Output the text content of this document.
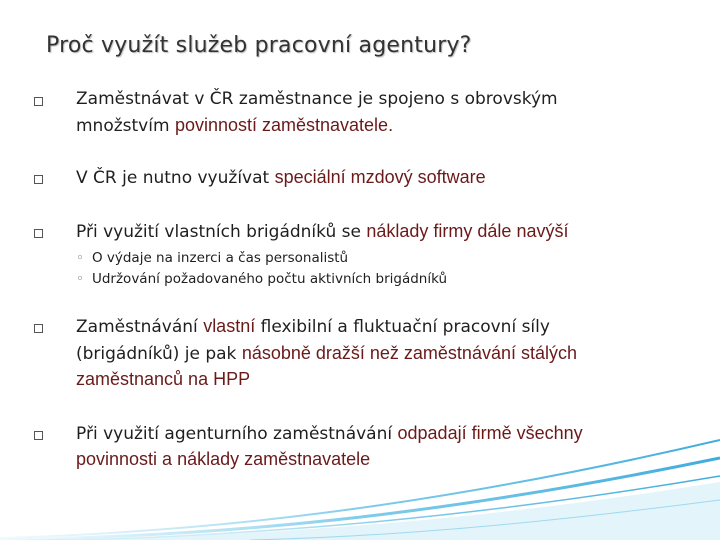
Proč využít služeb pracovní agentury?
Zaměstnávat v ČR zaměstnance je spojeno s obrovským
množstvím povinností zaměstnavatele.
V ČR je nutno využívat speciální mzdový software
Při využití vlastních brigádníků se náklady firmy dále navýší
◦ O výdaje na inzerci a čas personalistů
◦ Udržování požadovaného počtu aktivních brigádníků
Zaměstnávání vlastní flexibilní a fluktuační pracovní síly
(brigádníků) je pak násobně dražší než zaměstnávání stálých
zaměstnanců na HPP
Při využití agenturního zaměstnávání odpadají firmě všechny
povinnosti a náklady zaměstnavatele
